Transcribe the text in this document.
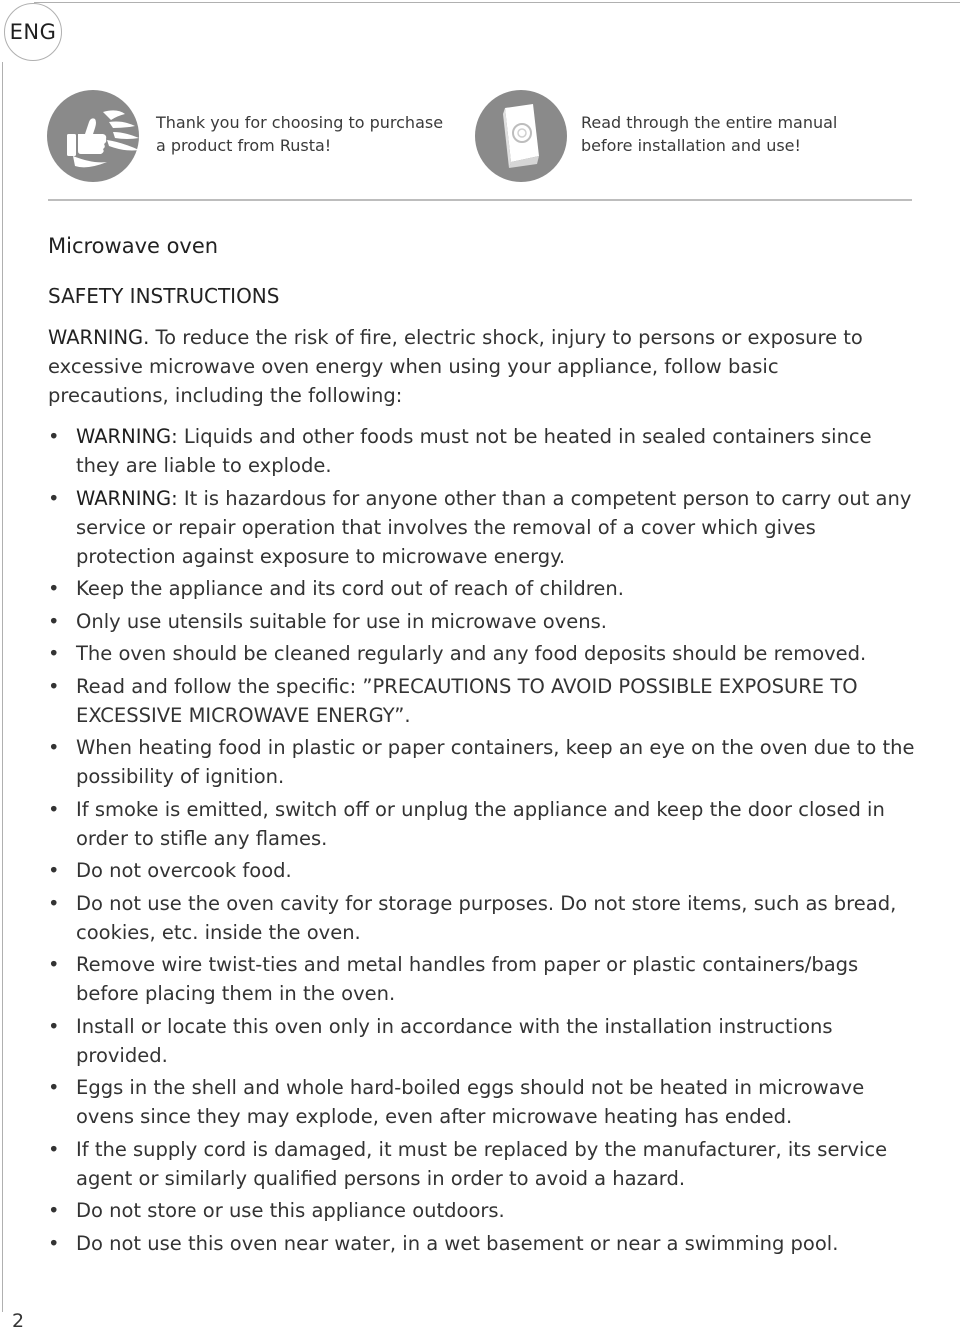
ENG
Thank you for choosing to purchase a product from Rusta!
Read through the entire manual before installation and use!
Microwave oven
SAFETY INSTRUCTIONS
WARNING. To reduce the risk of fire, electric shock, injury to persons or exposure to excessive microwave oven energy when using your appliance, follow basic precautions, including the following:
• WARNING: Liquids and other foods must not be heated in sealed containers since they are liable to explode.
• WARNING: It is hazardous for anyone other than a competent person to carry out any service or repair operation that involves the removal of a cover which gives protection against exposure to microwave energy.
• Keep the appliance and its cord out of reach of children.
• Only use utensils suitable for use in microwave ovens.
• The oven should be cleaned regularly and any food deposits should be removed.
• Read and follow the specific: ”PRECAUTIONS TO AVOID POSSIBLE EXPOSURE TO EXCESSIVE MICROWAVE ENERGY”.
• When heating food in plastic or paper containers, keep an eye on the oven due to the possibility of ignition.
• If smoke is emitted, switch off or unplug the appliance and keep the door closed in order to stifle any flames.
• Do not overcook food.
• Do not use the oven cavity for storage purposes. Do not store items, such as bread, cookies, etc. inside the oven.
• Remove wire twist-ties and metal handles from paper or plastic containers/bags before placing them in the oven.
• Install or locate this oven only in accordance with the installation instructions provided.
• Eggs in the shell and whole hard-boiled eggs should not be heated in microwave ovens since they may explode, even after microwave heating has ended.
• If the supply cord is damaged, it must be replaced by the manufacturer, its service agent or similarly qualified persons in order to avoid a hazard.
• Do not store or use this appliance outdoors.
• Do not use this oven near water, in a wet basement or near a swimming pool.
2
